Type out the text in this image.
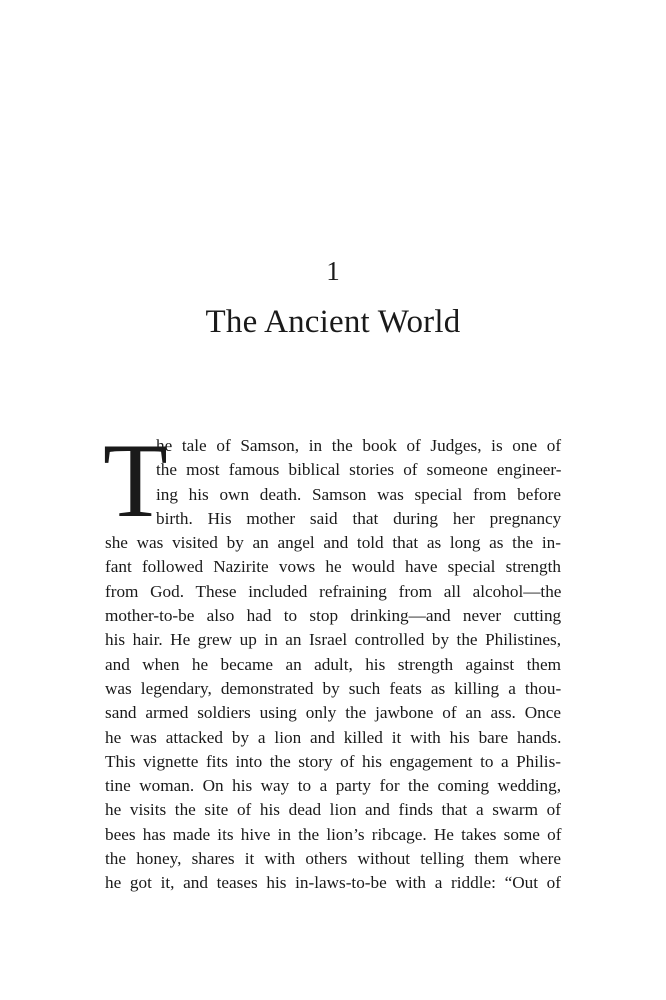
1
The Ancient World
T
he tale of Samson, in the book of Judges, is one of
the most famous biblical stories of someone engineer-
ing his own death. Samson was special from before
birth. His mother said that during her pregnancy
she was visited by an angel and told that as long as the in-
fant followed Nazirite vows he would have special strength
from God. These included refraining from all alcohol—the
mother-to-be also had to stop drinking—and never cutting
his hair. He grew up in an Israel controlled by the Philistines,
and when he became an adult, his strength against them
was legendary, demonstrated by such feats as killing a thou-
sand armed soldiers using only the jawbone of an ass. Once
he was attacked by a lion and killed it with his bare hands.
This vignette fits into the story of his engagement to a Philis-
tine woman. On his way to a party for the coming wedding,
he visits the site of his dead lion and finds that a swarm of
bees has made its hive in the lion’s ribcage. He takes some of
the honey, shares it with others without telling them where
he got it, and teases his in-laws-to-be with a riddle: “Out of
